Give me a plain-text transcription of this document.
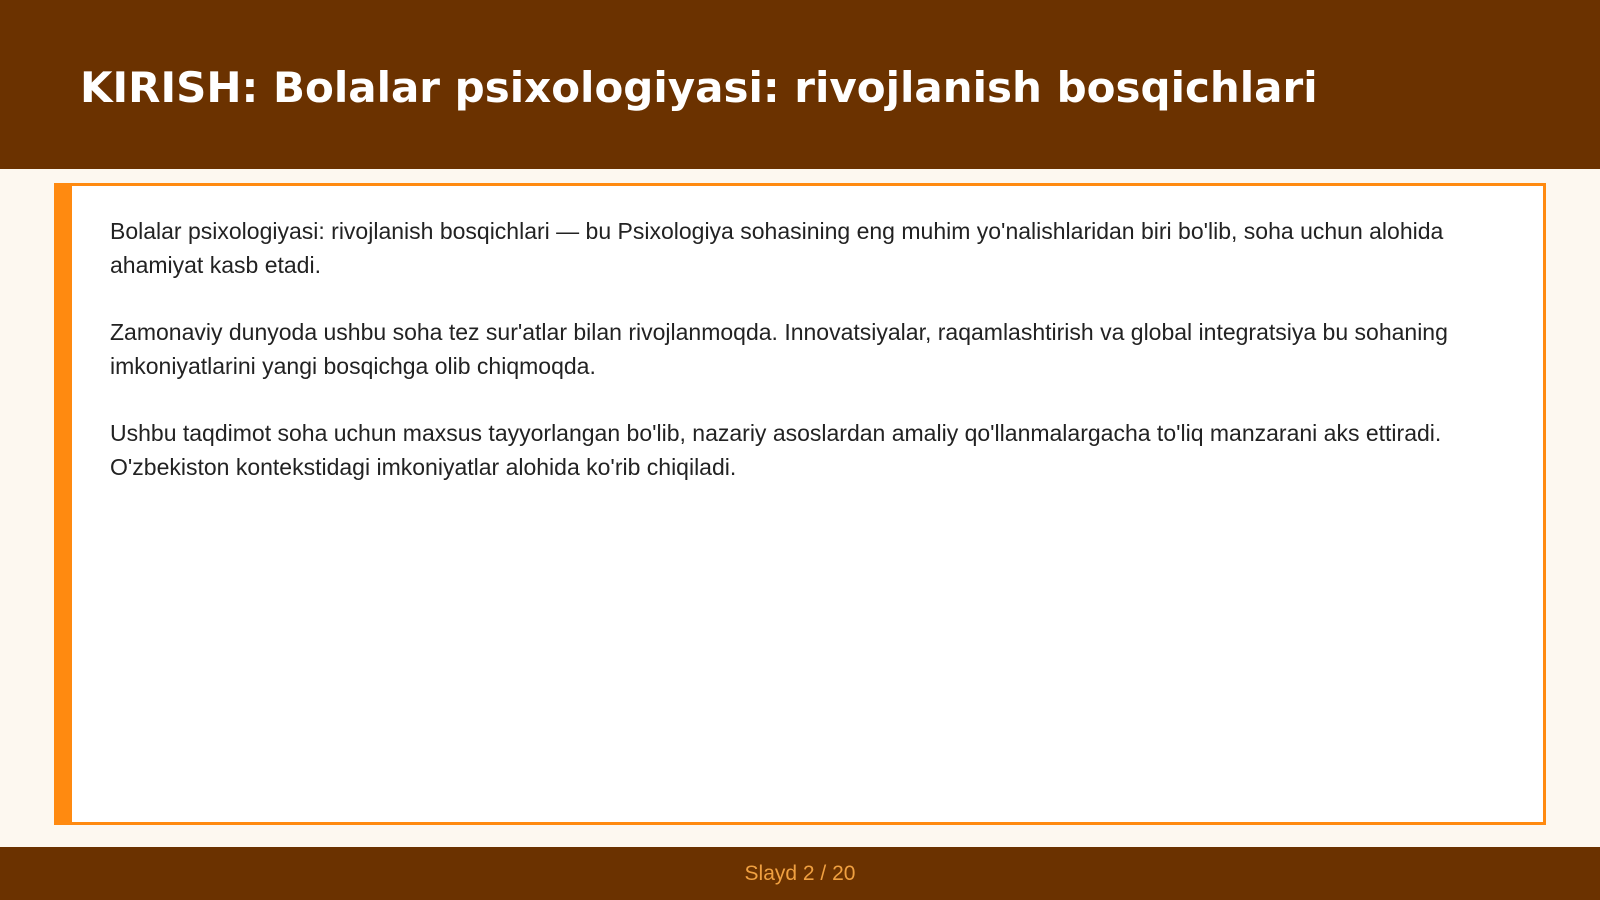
KIRISH: Bolalar psixologiyasi: rivojlanish bosqichlari

Bolalar psixologiyasi: rivojlanish bosqichlari — bu Psixologiya sohasining eng muhim yo'nalishlaridan biri bo'lib, soha uchun alohida ahamiyat kasb etadi.

Zamonaviy dunyoda ushbu soha tez sur'atlar bilan rivojlanmoqda. Innovatsiyalar, raqamlashtirish va global integratsiya bu sohaning imkoniyatlarini yangi bosqichga olib chiqmoqda.

Ushbu taqdimot soha uchun maxsus tayyorlangan bo'lib, nazariy asoslardan amaliy qo'llanmalargacha to'liq manzarani aks ettiradi. O'zbekiston kontekstidagi imkoniyatlar alohida ko'rib chiqiladi.

Slayd 2 / 20
